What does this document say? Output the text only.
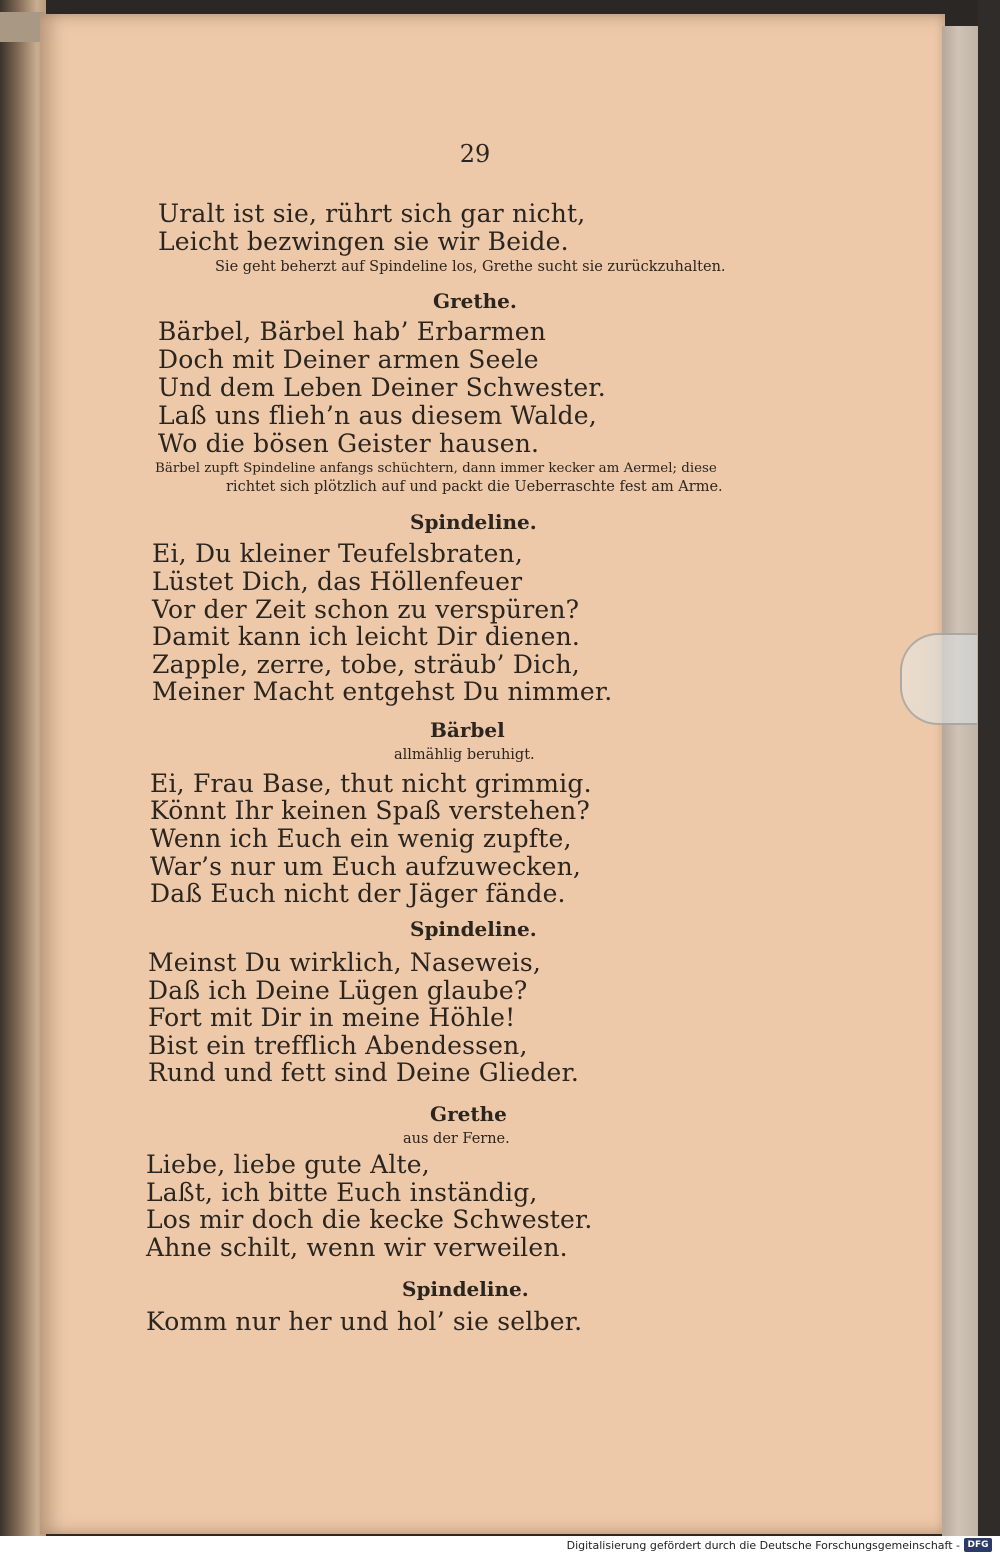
29
Uralt ist sie, rührt sich gar nicht,
Leicht bezwingen sie wir Beide.
Sie geht beherzt auf Spindeline los, Grethe sucht sie zurückzuhalten.
Grethe.
Bärbel, Bärbel hab’ Erbarmen
Doch mit Deiner armen Seele
Und dem Leben Deiner Schwester.
Laß uns flieh’n aus diesem Walde,
Wo die bösen Geister hausen.
Bärbel zupft Spindeline anfangs schüchtern, dann immer kecker am Aermel; diese
richtet sich plötzlich auf und packt die Ueberraschte fest am Arme.
Spindeline.
Ei, Du kleiner Teufelsbraten,
Lüstet Dich, das Höllenfeuer
Vor der Zeit schon zu verspüren?
Damit kann ich leicht Dir dienen.
Zapple, zerre, tobe, sträub’ Dich,
Meiner Macht entgehst Du nimmer.
Bärbel
allmählig beruhigt.
Ei, Frau Base, thut nicht grimmig.
Könnt Ihr keinen Spaß verstehen?
Wenn ich Euch ein wenig zupfte,
War’s nur um Euch aufzuwecken,
Daß Euch nicht der Jäger fände.
Spindeline.
Meinst Du wirklich, Naseweis,
Daß ich Deine Lügen glaube?
Fort mit Dir in meine Höhle!
Bist ein trefflich Abendessen,
Rund und fett sind Deine Glieder.
Grethe
aus der Ferne.
Liebe, liebe gute Alte,
Laßt, ich bitte Euch inständig,
Los mir doch die kecke Schwester.
Ahne schilt, wenn wir verweilen.
Spindeline.
Komm nur her und hol’ sie selber.
Digitalisierung gefördert durch die Deutsche Forschungsgemeinschaft - DFG
